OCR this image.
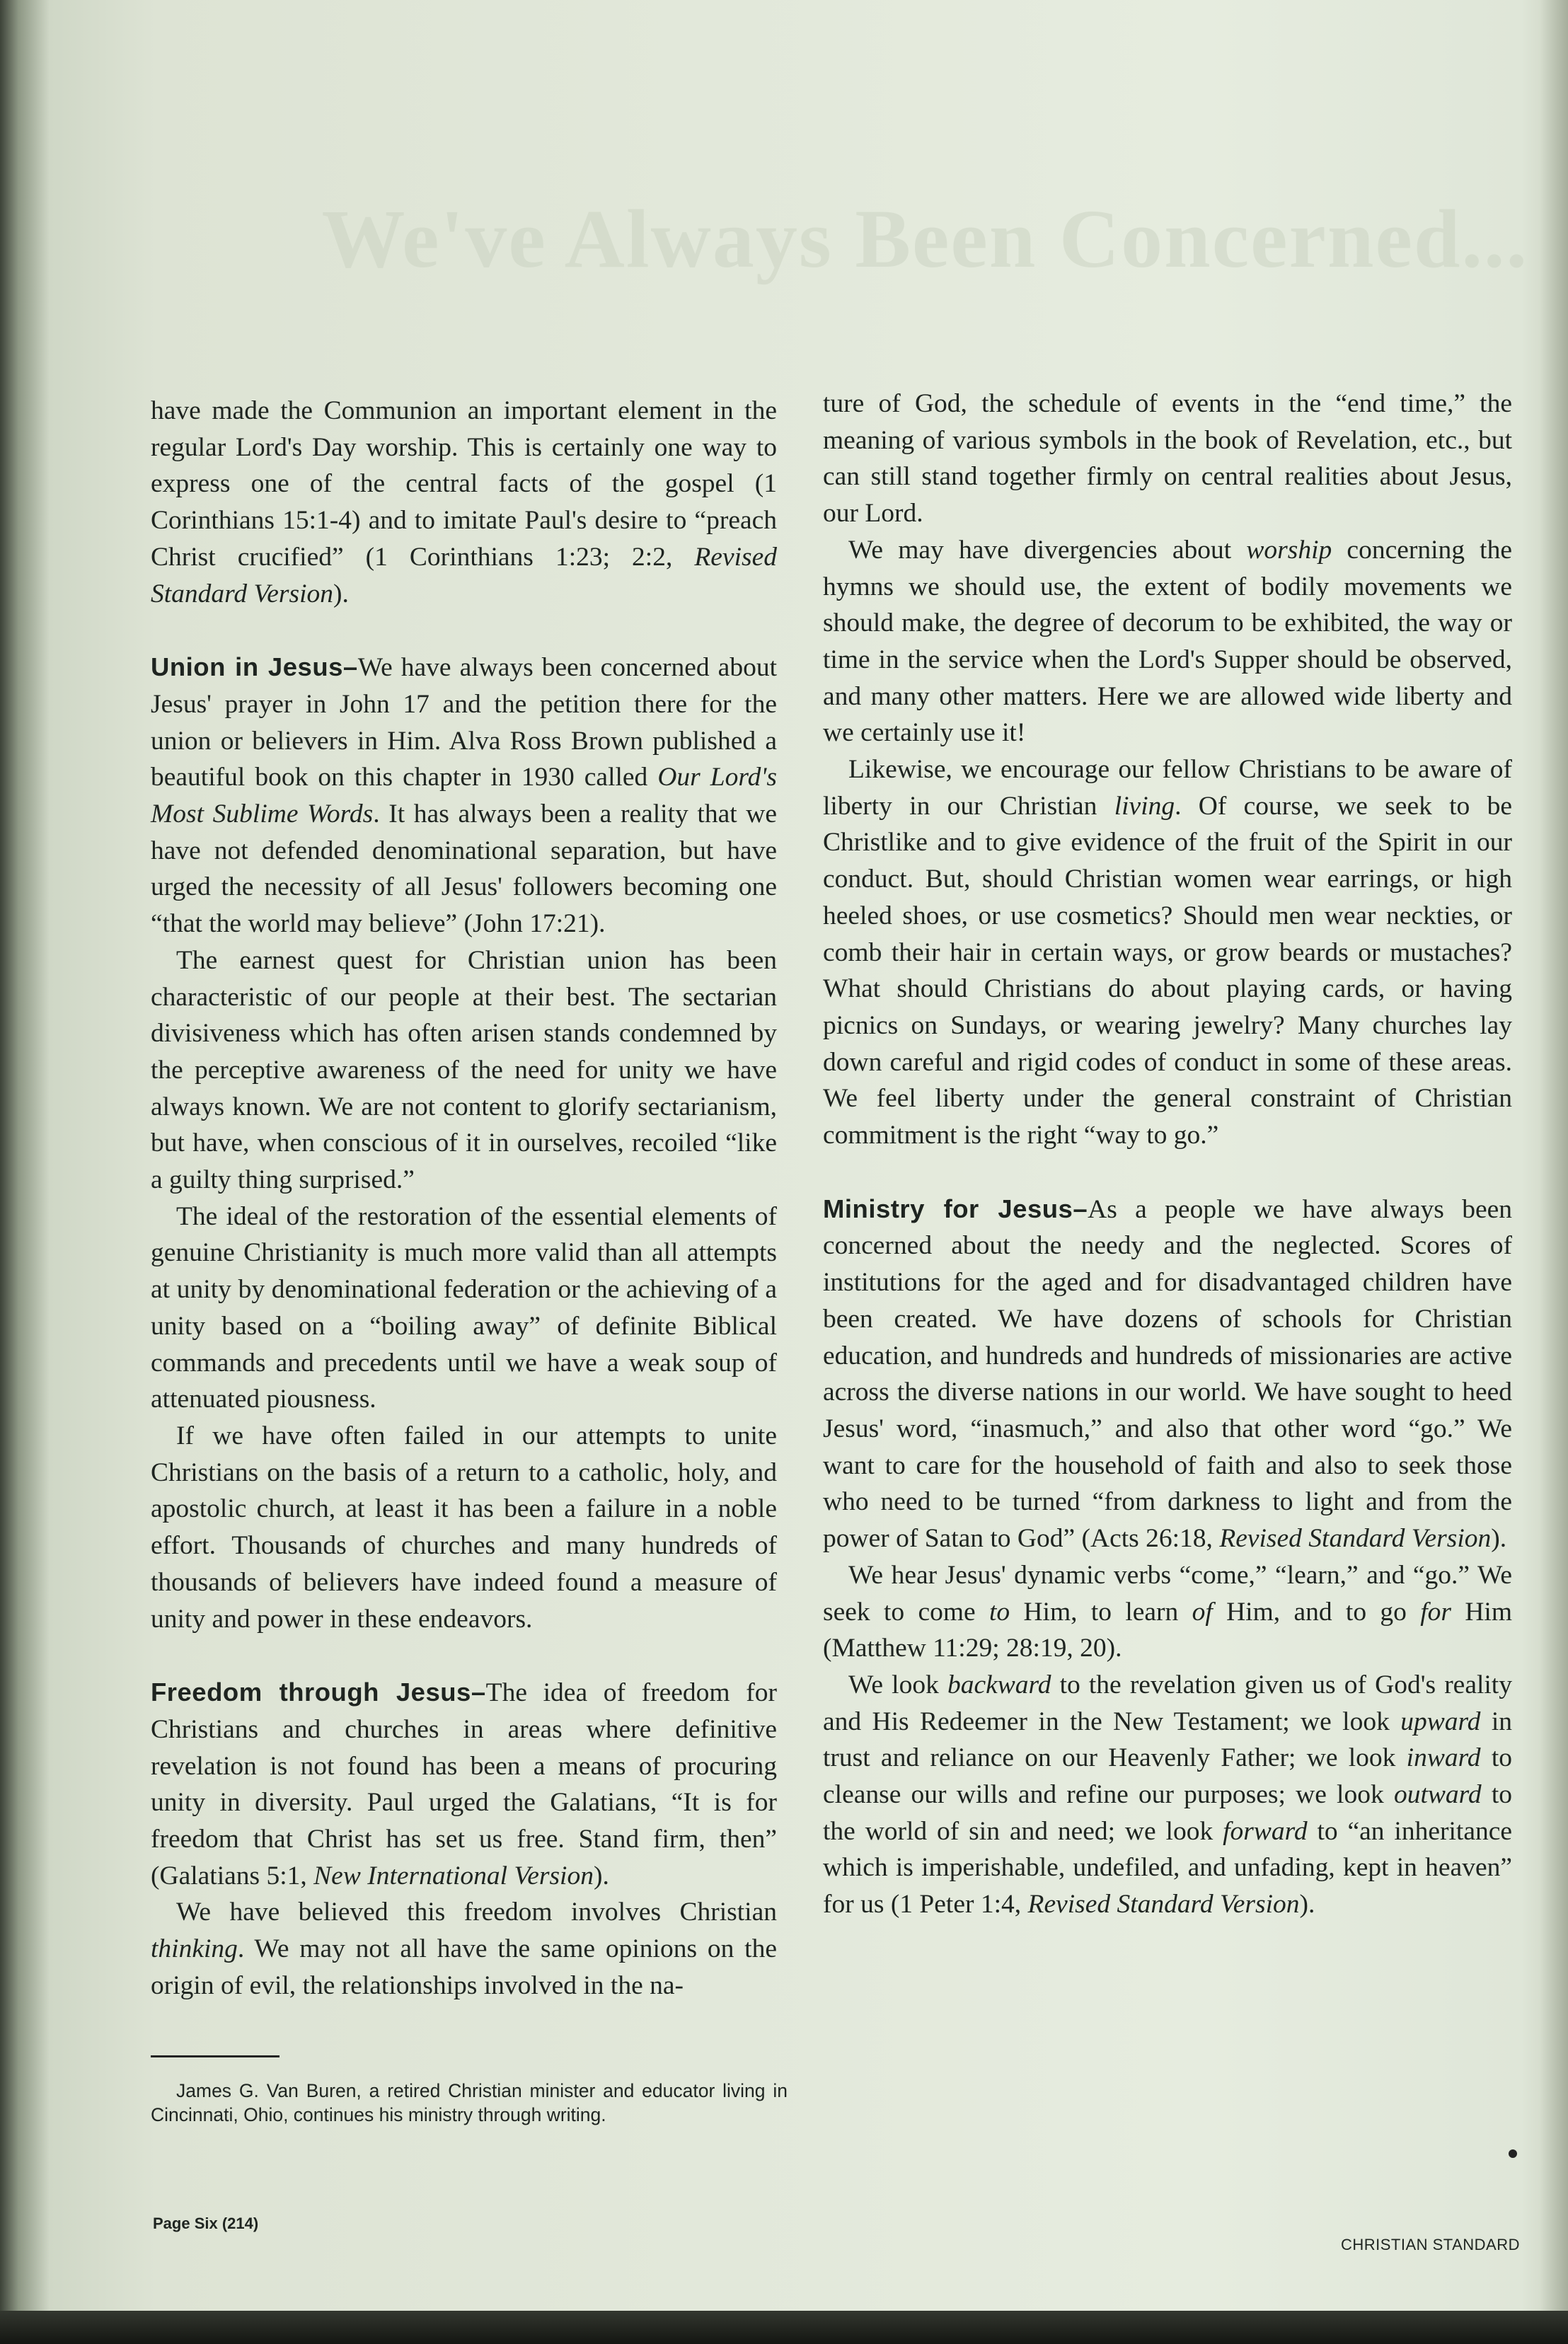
We've Always Been Concerned...

have made the Communion an important element in the regular Lord's Day worship. This is certainly one way to express one of the central facts of the gospel (1 Corinthians 15:1-4) and to imitate Paul's desire to “preach Christ crucified” (1 Corinthians 1:23; 2:2, Revised Standard Version).

Union in Jesus–We have always been concerned about Jesus' prayer in John 17 and the petition there for the union or believers in Him. Alva Ross Brown published a beautiful book on this chapter in 1930 called Our Lord's Most Sublime Words. It has always been a reality that we have not defended denominational separation, but have urged the necessity of all Jesus' followers becoming one “that the world may believe” (John 17:21).

The earnest quest for Christian union has been characteristic of our people at their best. The sectarian divisiveness which has often arisen stands condemned by the perceptive awareness of the need for unity we have always known. We are not content to glorify sectarianism, but have, when conscious of it in ourselves, recoiled “like a guilty thing surprised.”

The ideal of the restoration of the essential elements of genuine Christianity is much more valid than all attempts at unity by denominational federation or the achieving of a unity based on a “boiling away” of definite Biblical commands and precedents until we have a weak soup of attenuated piousness.

If we have often failed in our attempts to unite Christians on the basis of a return to a catholic, holy, and apostolic church, at least it has been a failure in a noble effort. Thousands of churches and many hundreds of thousands of believers have indeed found a measure of unity and power in these endeavors.

Freedom through Jesus–The idea of freedom for Christians and churches in areas where definitive revelation is not found has been a means of procuring unity in diversity. Paul urged the Galatians, “It is for freedom that Christ has set us free. Stand firm, then” (Galatians 5:1, New International Version).

We have believed this freedom involves Christian thinking. We may not all have the same opinions on the origin of evil, the relationships involved in the na-

ture of God, the schedule of events in the “end time,” the meaning of various symbols in the book of Revelation, etc., but can still stand together firmly on central realities about Jesus, our Lord.

We may have divergencies about worship concerning the hymns we should use, the extent of bodily movements we should make, the degree of decorum to be exhibited, the way or time in the service when the Lord's Supper should be observed, and many other matters. Here we are allowed wide liberty and we certainly use it!

Likewise, we encourage our fellow Christians to be aware of liberty in our Christian living. Of course, we seek to be Christlike and to give evidence of the fruit of the Spirit in our conduct. But, should Christian women wear earrings, or high heeled shoes, or use cosmetics? Should men wear neckties, or comb their hair in certain ways, or grow beards or mustaches? What should Christians do about playing cards, or having picnics on Sundays, or wearing jewelry? Many churches lay down careful and rigid codes of conduct in some of these areas. We feel liberty under the general constraint of Christian commitment is the right “way to go.”

Ministry for Jesus–As a people we have always been concerned about the needy and the neglected. Scores of institutions for the aged and for disadvantaged children have been created. We have dozens of schools for Christian education, and hundreds and hundreds of missionaries are active across the diverse nations in our world. We have sought to heed Jesus' word, “inasmuch,” and also that other word “go.” We want to care for the household of faith and also to seek those who need to be turned “from darkness to light and from the power of Satan to God” (Acts 26:18, Revised Standard Version).

We hear Jesus' dynamic verbs “come,” “learn,” and “go.” We seek to come to Him, to learn of Him, and to go for Him (Matthew 11:29; 28:19, 20).

We look backward to the revelation given us of God's reality and His Redeemer in the New Testament; we look upward in trust and reliance on our Heavenly Father; we look inward to cleanse our wills and refine our purposes; we look outward to the world of sin and need; we look forward to “an inheritance which is imperishable, undefiled, and unfading, kept in heaven” for us (1 Peter 1:4, Revised Standard Version).

James G. Van Buren, a retired Christian minister and educator living in Cincinnati, Ohio, continues his ministry through writing.
Page Six (214)
CHRISTIAN STANDARD
